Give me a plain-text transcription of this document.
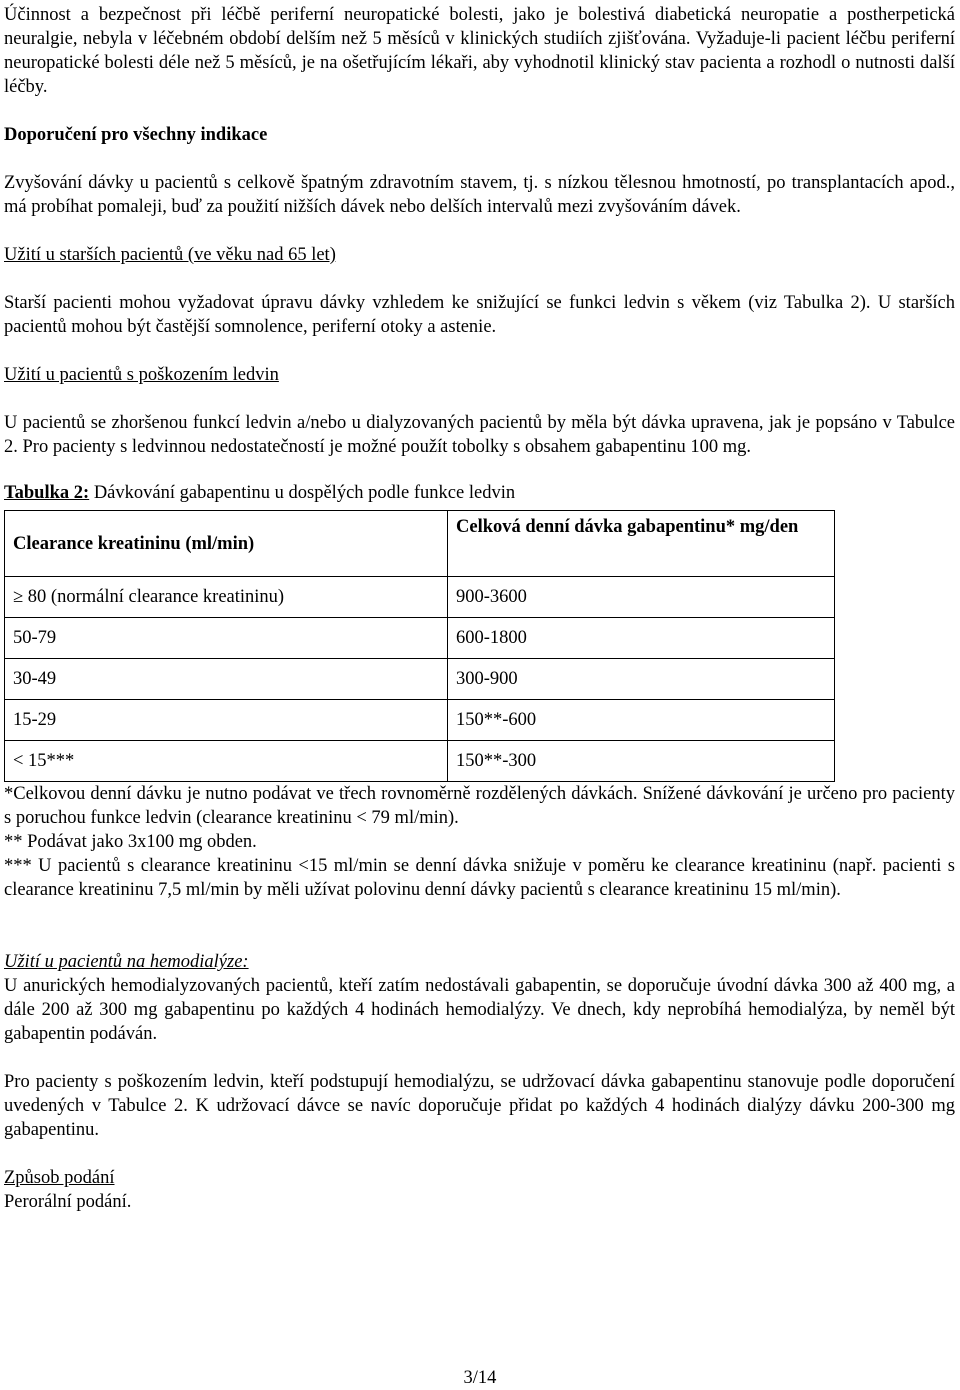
Účinnost a bezpečnost při léčbě periferní neuropatické bolesti, jako je bolestivá diabetická neuropatie a postherpetická neuralgie, nebyla v léčebném období delším než 5 měsíců v klinických studiích zjišťována. Vyžaduje-li pacient léčbu periferní neuropatické bolesti déle než 5 měsíců, je na ošetřujícím lékaři, aby vyhodnotil klinický stav pacienta a rozhodl o nutnosti další léčby.

Doporučení pro všechny indikace

Zvyšování dávky u pacientů s celkově špatným zdravotním stavem, tj. s nízkou tělesnou hmotností, po transplantacích apod., má probíhat pomaleji, buď za použití nižších dávek nebo delších intervalů mezi zvyšováním dávek.

Užití u starších pacientů (ve věku nad 65 let)

Starší pacienti mohou vyžadovat úpravu dávky vzhledem ke snižující se funkci ledvin s věkem (viz Tabulka 2). U starších pacientů mohou být častější somnolence, periferní otoky a astenie.

Užití u pacientů s poškozením ledvin

U pacientů se zhoršenou funkcí ledvin a/nebo u dialyzovaných pacientů by měla být dávka upravena, jak je popsáno v Tabulce 2. Pro pacienty s ledvinnou nedostatečností je možné použít tobolky s obsahem gabapentinu 100 mg.

Tabulka 2: Dávkování gabapentinu u dospělých podle funkce ledvin

Clearance kreatininu (ml/min)	Celková denní dávka gabapentinu* mg/den
≥ 80 (normální clearance kreatininu)	900-3600
50-79	600-1800
30-49	300-900
15-29	150**-600
< 15***	150**-300

*Celkovou denní dávku je nutno podávat ve třech rovnoměrně rozdělených dávkách. Snížené dávkování je určeno pro pacienty s poruchou funkce ledvin (clearance kreatininu < 79 ml/min).

** Podávat jako 3x100 mg obden.

*** U pacientů s clearance kreatininu <15 ml/min se denní dávka snižuje v poměru ke clearance kreatininu (např. pacienti s clearance kreatininu 7,5 ml/min by měli užívat polovinu denní dávky pacientů s clearance kreatininu 15 ml/min).

Užití u pacientů na hemodialýze:

U anurických hemodialyzovaných pacientů, kteří zatím nedostávali gabapentin, se doporučuje úvodní dávka 300 až 400 mg, a dále 200 až 300 mg gabapentinu po každých 4 hodinách hemodialýzy. Ve dnech, kdy neprobíhá hemodialýza, by neměl být gabapentin podáván.

Pro pacienty s poškozením ledvin, kteří podstupují hemodialýzu, se udržovací dávka gabapentinu stanovuje podle doporučení uvedených v Tabulce 2. K udržovací dávce se navíc doporučuje přidat po každých 4 hodinách dialýzy dávku 200-300 mg gabapentinu.

Způsob podání

Perorální podání.

3/14
